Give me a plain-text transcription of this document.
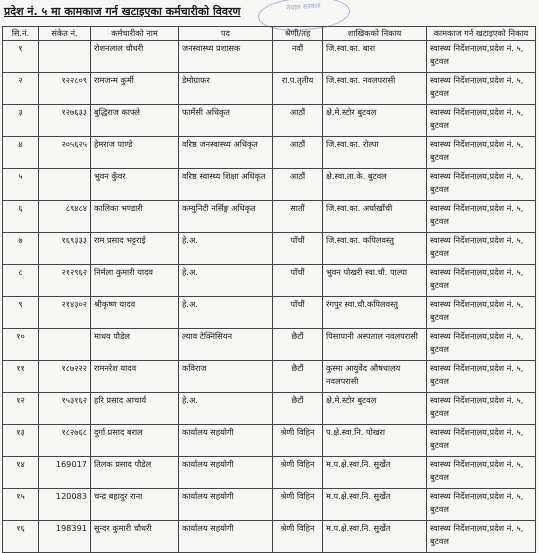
प्रदेश नं. ५ मा कामकाज गर्न खटाइएका कर्मचारीको विवरण	नेपाल सरकार
सि.नं.	संकेत नं.	कर्मचारीको नाम	पद	श्रेणी/तह	शाखिकको निकाय	कामकाज गर्न खटाइएको निकाय
१		रोशनलाल चौधरी	जनस्वास्थ्य प्रशासक	नवौं	जि.स्वा.का. बारा	स्वास्थ्य निर्देशनालय,प्रदेश नं. ५, बुटवल
२	१२२८०९	रामजन्म कुर्मी	डेमोग्राफर	रा.प.तृतीय	जि.स्वा.का. नवलपरासी	स्वास्थ्य निर्देशनालय,प्रदेश नं. ५, बुटवल
३	१२७६३३	बुद्धिराज काफ्ले	फार्मेसी अधिकृत	आठौं	क्षे.मे.स्टोर बुटवल	स्वास्थ्य निर्देशनालय,प्रदेश नं. ५, बुटवल
४	२०५६२५	हेमराज पाण्डे	वरिष्ठ जनस्वास्थ्य अधिकृत	आठौं	जि.स्वा.का. रोल्पा	स्वास्थ्य निर्देशनालय,प्रदेश नं. ५, बुटवल
५		भुवन कुँवर	वरिष्ठ स्वास्थ्य शिक्षा अधिकृत	आठौं	क्षे.स्वा.ता.के. बुटवल	स्वास्थ्य निर्देशनालय,प्रदेश नं. ५, बुटवल
६	८९४८४	कालिका भण्डारी	कम्युनिटी नर्सिङ्ग अधिकृत	सातौं	जि.स्वा.का. अर्घाखाँची	स्वास्थ्य निर्देशनालय,प्रदेश नं. ५, बुटवल
७	१६९३३३	राम प्रसाद भट्टराई	हे.अ.	पाँचौं	जि.स्वा.का. कपिलवस्तु	स्वास्थ्य निर्देशनालय,प्रदेश नं. ५, बुटवल
८	२१२९६२	निर्मला कुमारी यादव	हे.अ.	पाँचौं	भुवन पोखरी स्वा.चौ. पाल्पा	स्वास्थ्य निर्देशनालय,प्रदेश नं. ५, बुटवल
९	२१४३०२	श्रीकृष्ण यादव	हे.अ.	पाँचौं	रंगपुर स्वा.चौ.कपिलवस्तु	स्वास्थ्य निर्देशनालय,प्रदेश नं. ५, बुटवल
१०		माधव पौडेल	ल्याव टेक्निसियन	छैटौं	पिसापानी अस्पताल नवलपरासी	स्वास्थ्य निर्देशनालय,प्रदेश नं. ५, बुटवल
११	१८७२२२	रामनरेश यादव	कविराज	छैटौं	कुस्मा आयुर्वेद औषधालय नवलपरासी	स्वास्थ्य निर्देशनालय,प्रदेश नं. ५, बुटवल
१२	१५३१६२	हरि प्रसाद आचार्य	हे.अ.	छैटौं	क्षे.मे.स्टोर बुटवल	स्वास्थ्य निर्देशनालय,प्रदेश नं. ५, बुटवल
१३	१८२७६८	दुर्गा प्रसाद बराल	कार्यालय सहयोगी	श्रेणी विहिन	प.क्षे.स्वा.नि. पोखरा	स्वास्थ्य निर्देशनालय,प्रदेश नं. ५, बुटवल
१४	169017	तिलक प्रसाद पौडेल	कार्यालय सहयोगी	श्रेणी विहिन	म.प.क्षे.स्वा.नि. सुर्खेत	स्वास्थ्य निर्देशनालय,प्रदेश नं. ५, बुटवल
१५	120083	चन्द्र बहादुर राना	कार्यालय सहयोगी	श्रेणी विहिन	म.प.क्षे.स्वा.नि. सुर्खेत	स्वास्थ्य निर्देशनालय,प्रदेश नं. ५, बुटवल
१६	198391	सुन्दर कुमारी चौधरी	कार्यालय सहयोगी	श्रेणी विहिन	म.प.क्षे.स्वा.नि. सुर्खेत	स्वास्थ्य निर्देशनालय,प्रदेश नं. ५, बुटवल
